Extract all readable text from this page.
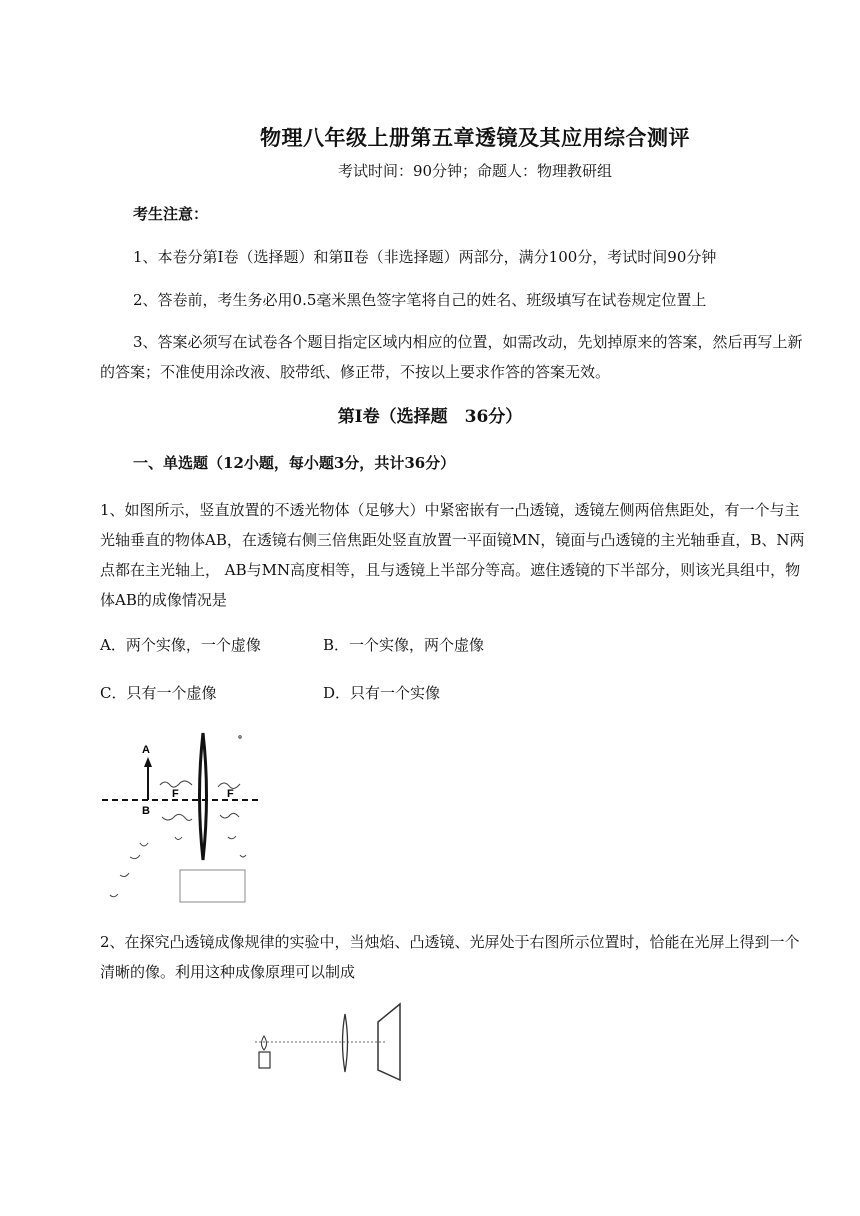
物理八年级上册第五章透镜及其应用综合测评
考试时间：90分钟；命题人：物理教研组
考生注意：
1、本卷分第Ⅰ卷（选择题）和第Ⅱ卷（非选择题）两部分，满分100分，考试时间90分钟
2、答卷前，考生务必用0.5毫米黑色签字笔将自己的姓名、班级填写在试卷规定位置上
3、答案必须写在试卷各个题目指定区域内相应的位置，如需改动，先划掉原来的答案，然后再写上新的答案；不准使用涂改液、胶带纸、修正带，不按以上要求作答的答案无效。
第Ⅰ卷（选择题　36分）
一、单选题（12小题，每小题3分，共计36分）
1、如图所示，竖直放置的不透光物体（足够大）中紧密嵌有一凸透镜，透镜左侧两倍焦距处，有一个与主光轴垂直的物体AB，在透镜右侧三倍焦距处竖直放置一平面镜MN，镜面与凸透镜的主光轴垂直，B、N两点都在主光轴上， AB与MN高度相等，且与透镜上半部分等高。遮住透镜的下半部分，则该光具组中，物体AB的成像情况是
A．两个实像，一个虚像	B．一个实像，两个虚像
C．只有一个虚像	D．只有一个实像
A
B
F	F
2、在探究凸透镜成像规律的实验中，当烛焰、凸透镜、光屏处于右图所示位置时，恰能在光屏上得到一个清晰的像。利用这种成像原理可以制成
